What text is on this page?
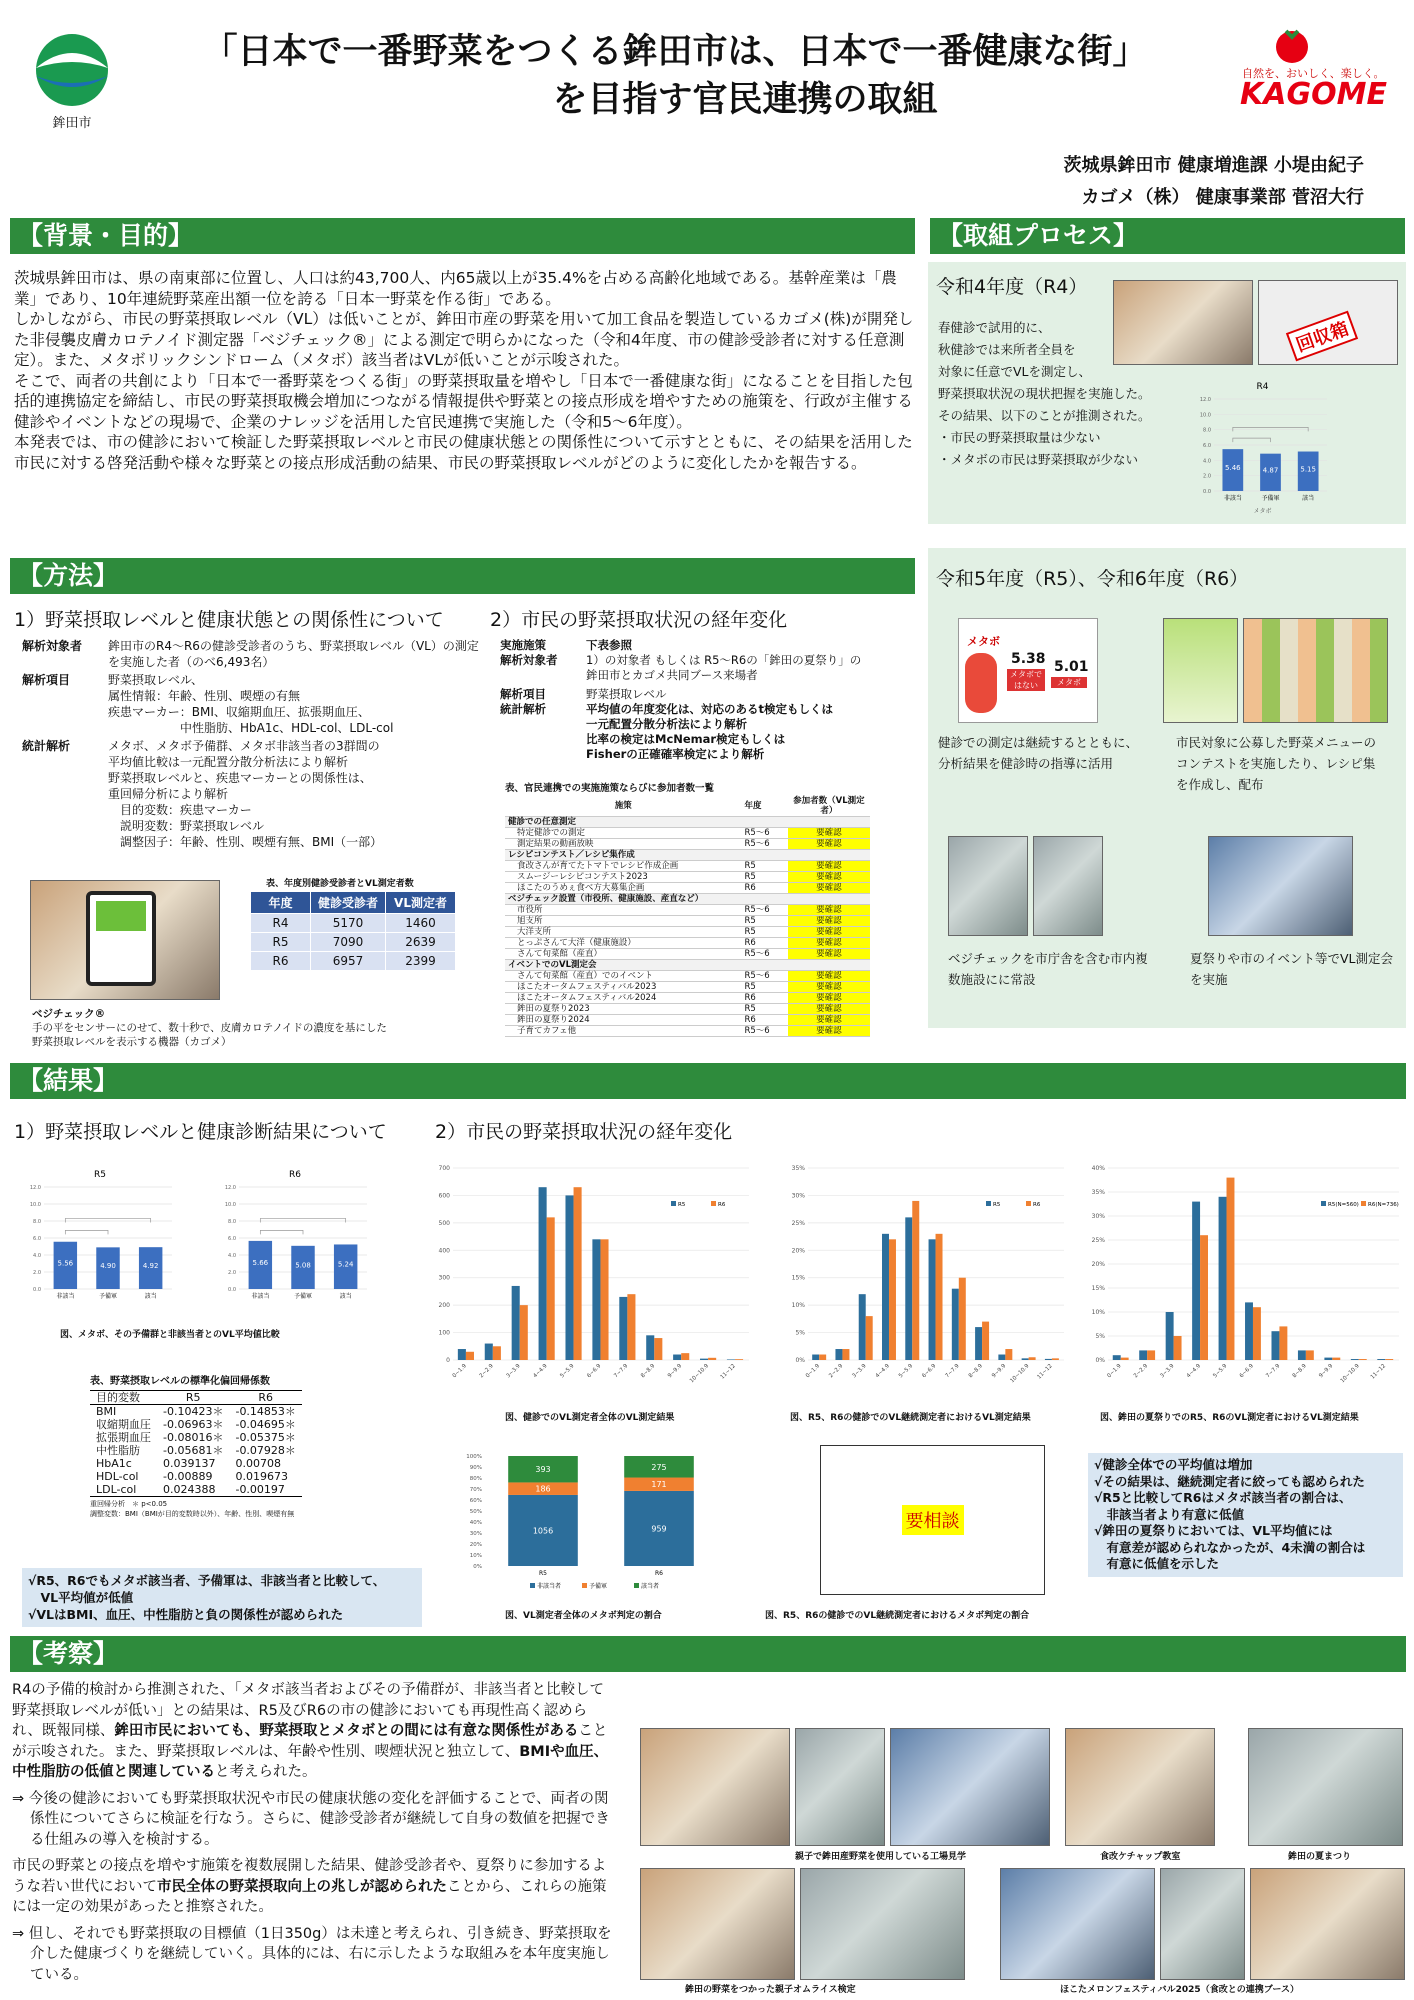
鉾田市
「日本で一番野菜をつくる鉾田市は、日本で一番健康な街」
を目指す官民連携の取組
自然を、おいしく、楽しく。
KAGOME
茨城県鉾田市 健康増進課 小堤由紀子
カゴメ（株） 健康事業部 菅沼大行
【背景・目的】

茨城県鉾田市は、県の南東部に位置し、人口は約43,700人、内65歳以上が35.4%を占める高齢化地域である。基幹産業は「農業」であり、10年連続野菜産出額一位を誇る「日本一野菜を作る街」である。

しかしながら、市民の野菜摂取レベル（VL）は低いことが、鉾田市産の野菜を用いて加工食品を製造しているカゴメ(株)が開発した非侵襲皮膚カロテノイド測定器「ベジチェック®」による測定で明らかになった（令和4年度、市の健診受診者に対する任意測定）。また、メタボリックシンドローム（メタボ）該当者はVLが低いことが示唆された。

そこで、両者の共創により「日本で一番野菜をつくる街」の野菜摂取量を増やし「日本で一番健康な街」になることを目指した包括的連携協定を締結し、市民の野菜摂取機会増加につながる情報提供や野菜との接点形成を増やすための施策を、行政が主催する健診やイベントなどの現場で、企業のナレッジを活用した官民連携で実施した（令和5～6年度）。

本発表では、市の健診において検証した野菜摂取レベルと市民の健康状態との関係性について示すとともに、その結果を活用した市民に対する啓発活動や様々な野菜との接点形成活動の結果、市民の野菜摂取レベルがどのように変化したかを報告する。

【取組プロセス】
令和4年度（R4）
春健診で試用的に、
秋健診では来所者全員を
対象に任意でVLを測定し、
野菜摂取状況の現状把握を実施した。
その結果、以下のことが推測された。
・市民の野菜摂取量は少ない
・メタボの市民は野菜摂取が少ない
回収箱
R4
0.0
2.0
4.0
6.0
8.0
10.0
12.0
5.46
非該当
4.87
予備軍
5.15
該当
メタボ
令和5年度（R5）、令和6年度（R6）
メタボ
5.38 5.01
メタボではない	メタボ
健診での測定は継続するとともに、分析結果を健診時の指導に活用
市民対象に公募した野菜メニューのコンテストを実施したり、レシピ集を作成し、配布
ベジチェックを市庁舎を含む市内複数施設にに常設
夏祭りや市のイベント等でVL測定会を実施
【方法】
1）野菜摂取レベルと健康状態との関係性について
解析対象者	鉾田市のR4～R6の健診受診者のうち、野菜摂取レベル（VL）の測定を実施した者（のべ6,493名）
解析項目	野菜摂取レベル、
属性情報：年齢、性別、喫煙の有無
疾患マーカー：BMI、収縮期血圧、拡張期血圧、
　　　　　　中性脂肪、HbA1c、HDL-col、LDL-col
統計解析	メタボ、メタボ予備群、メタボ非該当者の3群間の
平均値比較は一元配置分散分析法により解析
野菜摂取レベルと、疾患マーカーとの関係性は、
重回帰分析により解析
　目的変数：疾患マーカー
　説明変数：野菜摂取レベル
　調整因子：年齢、性別、喫煙有無、BMI（一部）
表、年度別健診受診者とVL測定者数
年度	健診受診者	VL測定者
R4	5170	1460
R5	7090	2639
R6	6957	2399
ベジチェック®
手の平をセンサーにのせて、数十秒で、皮膚カロテノイドの濃度を基にした
野菜摂取レベルを表示する機器（カゴメ）
2）市民の野菜摂取状況の経年変化
実施施策	下表参照
解析対象者	1）の対象者 もしくは R5～R6の「鉾田の夏祭り」の
鉾田市とカゴメ共同ブース来場者
解析項目	野菜摂取レベル
統計解析	平均値の年度変化は、対応のあるt検定もしくは
一元配置分散分析法により解析
比率の検定はMcNemar検定もしくは
Fisherの正確確率検定により解析
表、官民連携での実施施策ならびに参加者数一覧
施策	年度	参加者数（VL測定者）
健診での任意測定		
特定健診での測定	R5～6	要確認
測定結果の動画放映	R5～6	要確認
レシピコンテスト／レシピ集作成		
食改さんが育てたトマトでレシピ作成企画	R5	要確認
スムージーレシピコンテスト2023	R5	要確認
ほこたのうめぇ食べ方大募集企画	R6	要確認
ベジチェック設置（市役所、健康施設、産直など）		
市役所	R5～6	要確認
旭支所	R5	要確認
大洋支所	R5	要確認
とっぷさんて大洋（健康施設）	R6	要確認
さんて旬菜館（産直）	R5～6	要確認
イベントでのVL測定会		
さんて旬菜館（産直）でのイベント	R5～6	要確認
ほこたオータムフェスティバル2023	R5	要確認
ほこたオータムフェスティバル2024	R6	要確認
鉾田の夏祭り2023	R5	要確認
鉾田の夏祭り2024	R6	要確認
子育てカフェ他	R5～6	要確認
【結果】
1）野菜摂取レベルと健康診断結果について	2）市民の野菜摂取状況の経年変化
R5
0.0
2.0
4.0
6.0
8.0
10.0
12.0
5.56
非該当
4.90
予備軍
4.92
該当
R6
0.0
2.0
4.0
6.0
8.0
10.0
12.0
5.66
非該当
5.08
予備軍
5.24
該当
図、メタボ、その予備群と非該当者とのVL平均値比較
表、野菜摂取レベルの標準化偏回帰係数
目的変数	R5	R6
BMI	-0.10423＊	-0.14853＊
収縮期血圧	-0.06963＊	-0.04695＊
拡張期血圧	-0.08016＊	-0.05375＊
中性脂肪	-0.05681＊	-0.07928＊
HbA1c	0.039137	0.00708
HDL-col	-0.00889	0.019673
LDL-col	0.024388	-0.00197
重回帰分析　＊ p<0.05
調整変数：BMI（BMIが目的変数時以外）、年齢、性別、喫煙有無
√R5、R6でもメタボ該当者、予備軍は、非該当者と比較して、
　VL平均値が低値
√VLはBMI、血圧、中性脂肪と負の関係性が認められた
0
100
200
300
400
500
600
700
0~1.9 2~2.9 3~3.9 4~4.9 5~5.9 6~6.9 7~7.9 8~8.9 9~9.9 10~10.9 11~12
R5	R6
図、健診でのVL測定者全体のVL測定結果
0%
5%
10%
15%
20%
25%
30%
35%
0~1.9 2~2.9 3~3.9 4~4.9 5~5.9 6~6.9 7~7.9 8~8.9 9~9.9 10~10.9 11~12
R5	R6
図、R5、R6の健診でのVL継続測定者におけるVL測定結果
0%
5%
10%
15%
20%
25%
30%
35%
40%
0~1.9 2~2.9 3~3.9 4~4.9 5~5.9 6~6.9 7~7.9 8~8.9 9~9.9 10~10.9 11~12
R5(N=560) R6(N=736)
図、鉾田の夏祭りでのR5、R6のVL測定者におけるVL測定結果
0%
10%
20%
30%
40%
50%
60%
70%
80%
90%
100%
1056
186
393
R5
959
171
275
R6
非該当者	予備軍	該当者
図、VL測定者全体のメタボ判定の割合
要相談
図、R5、R6の健診でのVL継続測定者におけるメタボ判定の割合
√健診全体での平均値は増加
√その結果は、継続測定者に絞っても認められた
√R5と比較してR6はメタボ該当者の割合は、
　非該当者より有意に低値
√鉾田の夏祭りにおいては、VL平均値には
　有意差が認められなかったが、4未満の割合は
　有意に低値を示した
【考察】

R4の予備的検討から推測された、「メタボ該当者およびその予備群が、非該当者と比較して野菜摂取レベルが低い」との結果は、R5及びR6の市の健診においても再現性高く認められ、既報同様、鉾田市民においても、野菜摂取とメタボとの間には有意な関係性があることが示唆された。また、野菜摂取レベルは、年齢や性別、喫煙状況と独立して、BMIや血圧、中性脂肪の低値と関連していると考えられた。

⇒ 今後の健診においても野菜摂取状況や市民の健康状態の変化を評価することで、両者の関係性についてさらに検証を行なう。さらに、健診受診者が継続して自身の数値を把握できる仕組みの導入を検討する。

市民の野菜との接点を増やす施策を複数展開した結果、健診受診者や、夏祭りに参加するような若い世代において市民全体の野菜摂取向上の兆しが認められたことから、これらの施策には一定の効果があったと推察された。

⇒ 但し、それでも野菜摂取の目標値（1日350g）は未達と考えられ、引き続き、野菜摂取を介した健康づくりを継続していく。具体的には、右に示したような取組みを本年度実施している。

親子で鉾田産野菜を使用している工場見学	食改ケチャップ教室	鉾田の夏まつり
鉾田の野菜をつかった親子オムライス検定	ほこたメロンフェスティバル2025（食改との連携ブース）
